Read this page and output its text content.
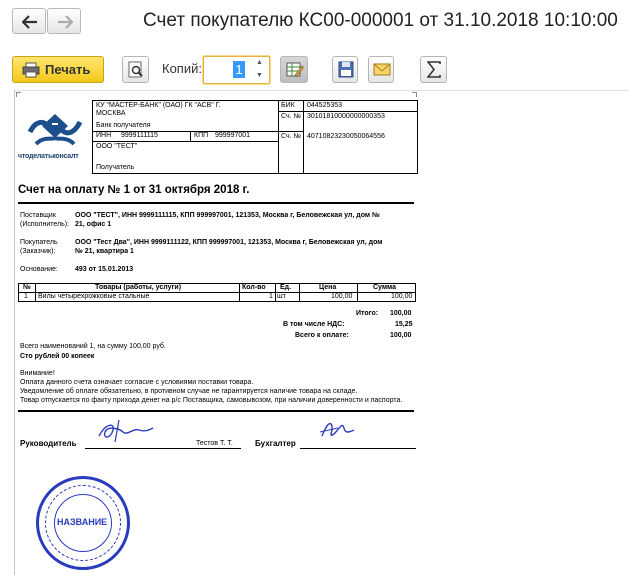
Счет покупателю КС00-000001 от 31.10.2018 10:10:00
Печать	Копий:	1	▲
▼
чтоделатьконсалт
КУ "МАСТЕР-БАНК" (ОАО) ГК "АСВ" Г.
МОСКВА
Банк получателя
БИК 044525353
Сч. № 30101810000000000353
ИНН 9999111115	КПП 999997001	Сч. № 40710823230050064556
ООО "ТЕСТ"
Получатель
Счет на оплату № 1 от 31 октября 2018 г.
Поставщик
(Исполнитель):
ООО "ТЕСТ", ИНН 9999111115, КПП 999997001, 121353, Москва г, Беловежская ул, дом №
21, офис 1
Покупатель
(Заказчик):
ООО "Тест Два", ИНН 9999111122, КПП 999997001, 121353, Москва г, Беловежская ул, дом
№ 21, квартира 1
Основание: 493 от 15.01.2013
№	Товары (работы, услуги)	Кол-во Ед.	Цена	Сумма
1 Вилы четырехрожковые стальные	1 шт	100,00	100,00
Итого: 100,00
В том числе НДС:	15,25
Всего к оплате:	100,00
Всего наименований 1, на сумму 100,00 руб.
Сто рублей 00 копеек
Внимание!
Оплата данного счета означает согласие с условиями поставки товара.
Уведомление об оплате обязательно, в противном случае не гарантируется наличие товара на складе.
Товар отпускается по факту прихода денег на р/с Поставщика, самовывозом, при наличии доверенности и паспорта.
Руководитель	Тестов Т. Т.	Бухгалтер
НАЗВАНИЕ
